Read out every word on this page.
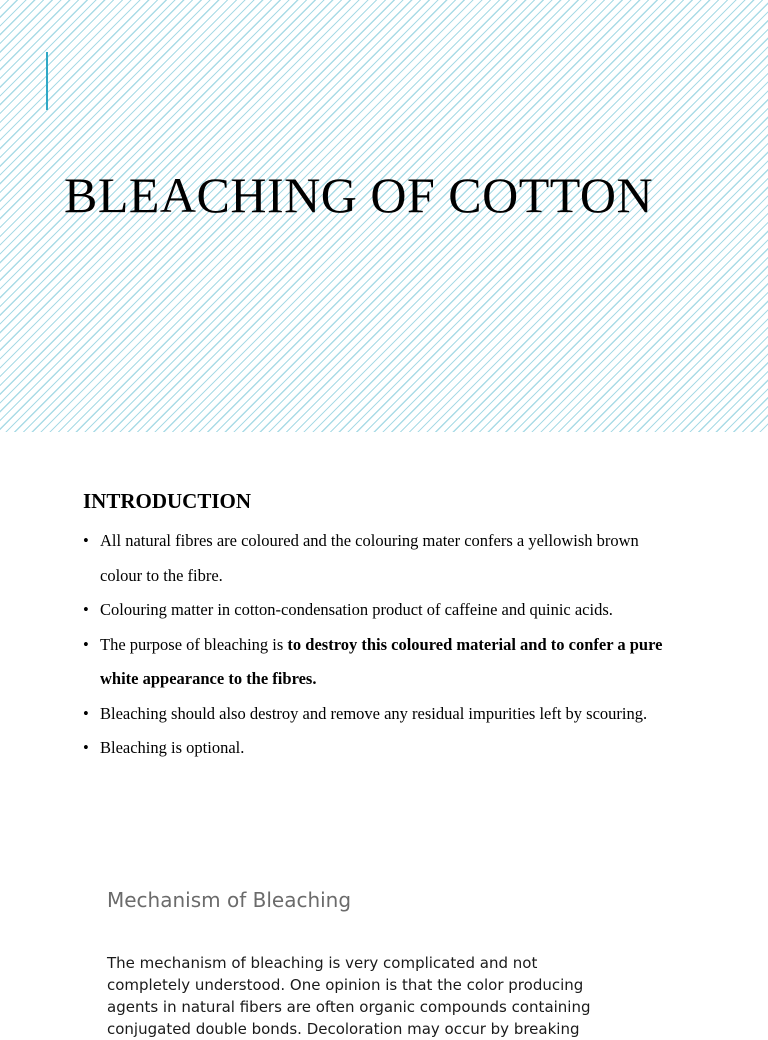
BLEACHING OF COTTON
INTRODUCTION
• All natural fibres are coloured and the colouring mater confers a yellowish brown colour to the fibre.
• Colouring matter in cotton-condensation product of caffeine and quinic acids.
• The purpose of bleaching is to destroy this coloured material and to confer a pure white appearance to the fibres.
• Bleaching should also destroy and remove any residual impurities left by scouring.
• Bleaching is optional.
Mechanism of Bleaching

The mechanism of bleaching is very complicated and not completely understood. One opinion is that the color producing agents in natural fibers are often organic compounds containing conjugated double bonds. Decoloration may occur by breaking
